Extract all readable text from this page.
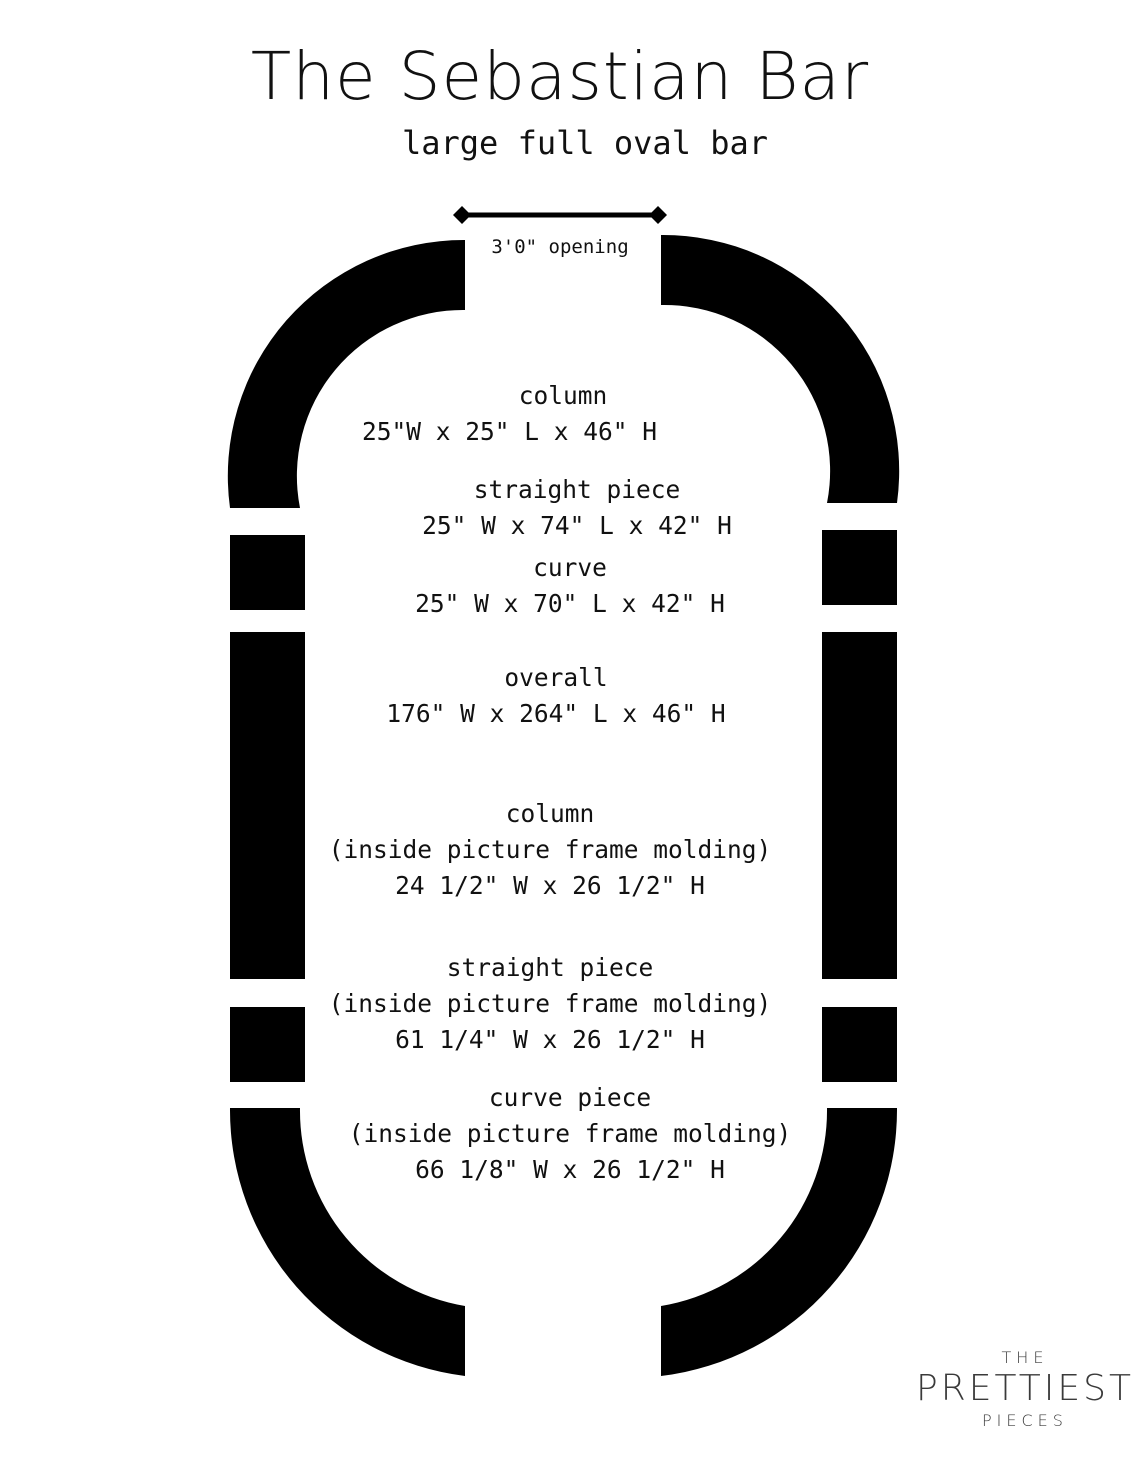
The Sebastian Bar
large full oval bar
3'0" opening
column
25"W x 25" L x 46" H
straight piece
25" W x 74" L x 42" H
curve
25" W x 70" L x 42" H
overall
176" W x 264" L x 46" H
column
(inside picture frame molding)
24 1/2" W x 26 1/2" H
straight piece
(inside picture frame molding)
61 1/4" W x 26 1/2" H
curve piece
(inside picture frame molding)
66 1/8" W x 26 1/2" H
THE
PRETTIEST
PIECES
